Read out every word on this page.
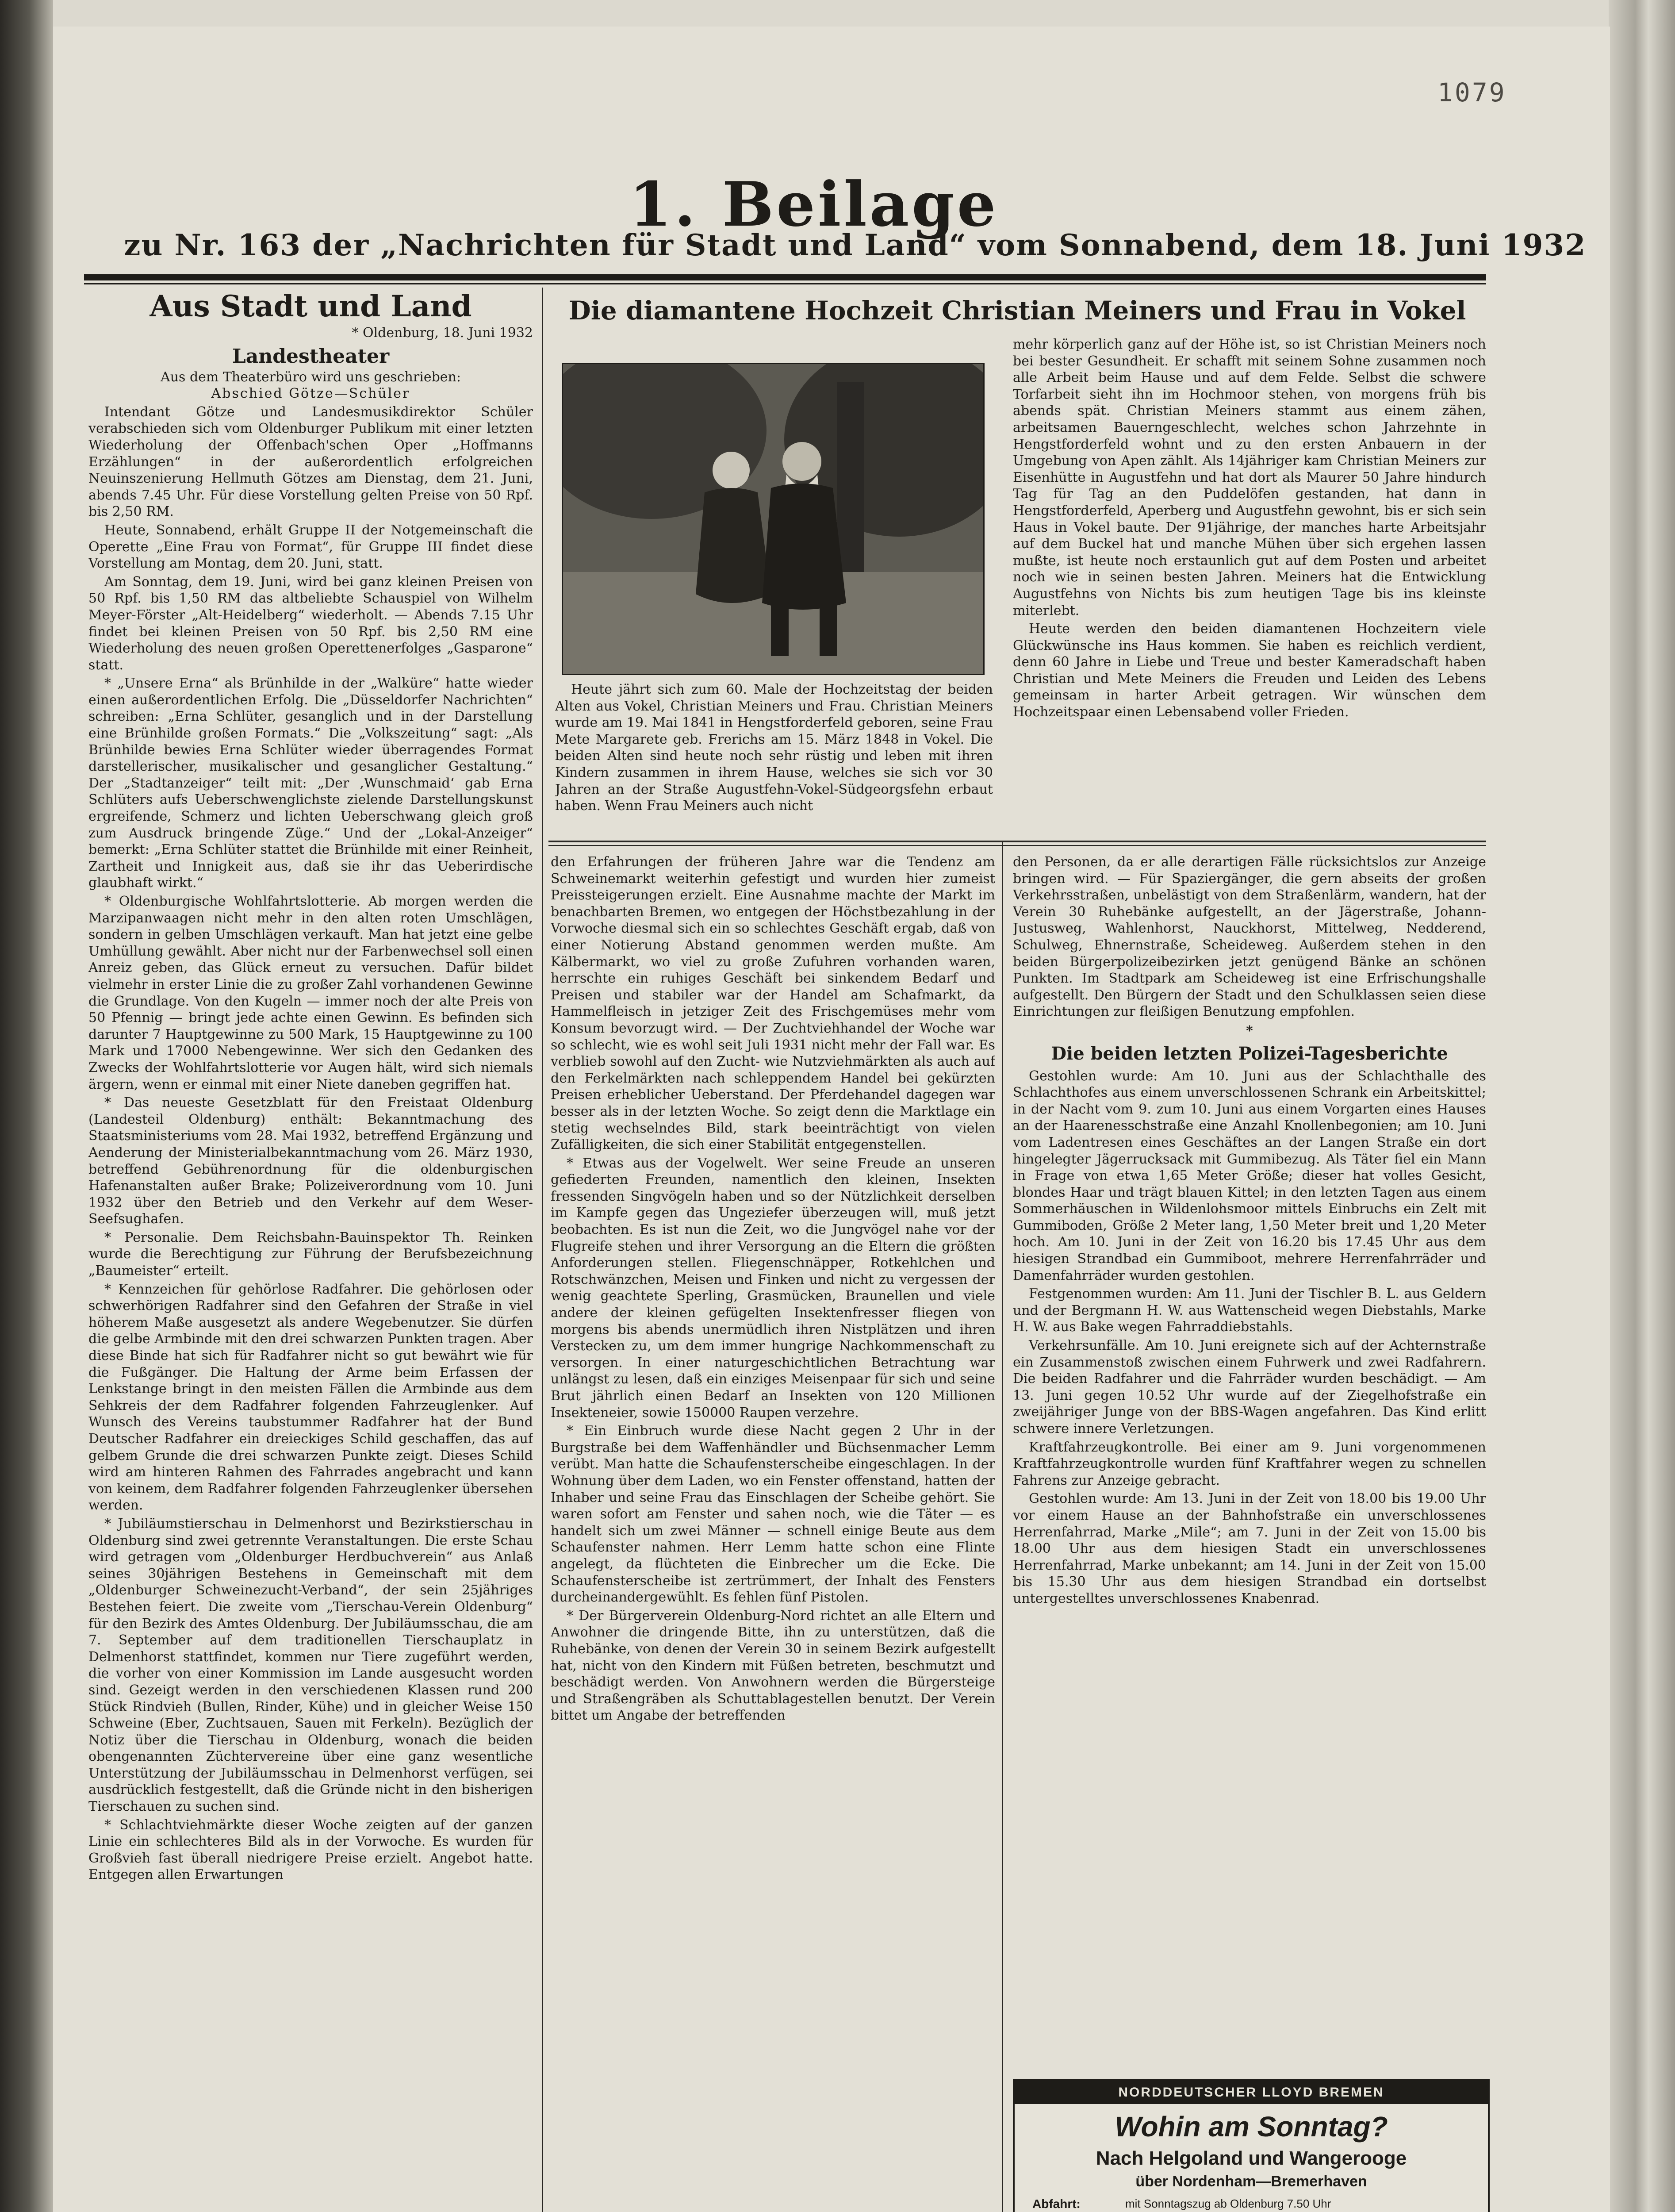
1079
1. Beilage
zu Nr. 163 der „Nachrichten für Stadt und Land“ vom Sonnabend, dem 18. Juni 1932
Aus Stadt und Land
* Oldenburg, 18. Juni 1932
Landestheater
Aus dem Theaterbüro wird uns geschrieben:
Abschied Götze—Schüler

Intendant Götze und Landesmusikdirektor Schüler verabschieden sich vom Oldenburger Publikum mit einer letzten Wiederholung der Offenbach'schen Oper „Hoffmanns Erzählungen“ in der außerordentlich erfolgreichen Neuinszenierung Hellmuth Götzes am Dienstag, dem 21. Juni, abends 7.45 Uhr. Für diese Vorstellung gelten Preise von 50 Rpf. bis 2,50 RM.

Heute, Sonnabend, erhält Gruppe II der Notgemeinschaft die Operette „Eine Frau von Format“, für Gruppe III findet diese Vorstellung am Montag, dem 20. Juni, statt.

Am Sonntag, dem 19. Juni, wird bei ganz kleinen Preisen von 50 Rpf. bis 1,50 RM das altbeliebte Schauspiel von Wilhelm Meyer-Förster „Alt-Heidelberg“ wiederholt. — Abends 7.15 Uhr findet bei kleinen Preisen von 50 Rpf. bis 2,50 RM eine Wiederholung des neuen großen Operettenerfolges „Gasparone“ statt.

* „Unsere Erna“ als Brünhilde in der „Walküre“ hatte wieder einen außerordentlichen Erfolg. Die „Düsseldorfer Nachrichten“ schreiben: „Erna Schlüter, gesanglich und in der Darstellung eine Brünhilde großen Formats.“ Die „Volkszeitung“ sagt: „Als Brünhilde bewies Erna Schlüter wieder überragendes Format darstellerischer, musikalischer und gesanglicher Gestaltung.“ Der „Stadtanzeiger“ teilt mit: „Der ‚Wunschmaid‘ gab Erna Schlüters aufs Ueberschwenglichste zielende Darstellungskunst ergreifende, Schmerz und lichten Ueberschwang gleich groß zum Ausdruck bringende Züge.“ Und der „Lokal-Anzeiger“ bemerkt: „Erna Schlüter stattet die Brünhilde mit einer Reinheit, Zartheit und Innigkeit aus, daß sie ihr das Ueberirdische glaubhaft wirkt.“

* Oldenburgische Wohlfahrtslotterie. Ab morgen werden die Marzipanwaagen nicht mehr in den alten roten Umschlägen, sondern in gelben Umschlägen verkauft. Man hat jetzt eine gelbe Umhüllung gewählt. Aber nicht nur der Farbenwechsel soll einen Anreiz geben, das Glück erneut zu versuchen. Dafür bildet vielmehr in erster Linie die zu großer Zahl vorhandenen Gewinne die Grundlage. Von den Kugeln — immer noch der alte Preis von 50 Pfennig — bringt jede achte einen Gewinn. Es befinden sich darunter 7 Hauptgewinne zu 500 Mark, 15 Hauptgewinne zu 100 Mark und 17000 Nebengewinne. Wer sich den Gedanken des Zwecks der Wohlfahrtslotterie vor Augen hält, wird sich niemals ärgern, wenn er einmal mit einer Niete daneben gegriffen hat.

* Das neueste Gesetzblatt für den Freistaat Oldenburg (Landesteil Oldenburg) enthält: Bekanntmachung des Staatsministeriums vom 28. Mai 1932, betreffend Ergänzung und Aenderung der Ministerialbekanntmachung vom 26. März 1930, betreffend Gebührenordnung für die oldenburgischen Hafenanstalten außer Brake; Polizeiverordnung vom 10. Juni 1932 über den Betrieb und den Verkehr auf dem Weser-Seefsughafen.

* Personalie. Dem Reichsbahn-Bauinspektor Th. Reinken wurde die Berechtigung zur Führung der Berufsbezeichnung „Baumeister“ erteilt.

* Kennzeichen für gehörlose Radfahrer. Die gehörlosen oder schwerhörigen Radfahrer sind den Gefahren der Straße in viel höherem Maße ausgesetzt als andere Wegebenutzer. Sie dürfen die gelbe Armbinde mit den drei schwarzen Punkten tragen. Aber diese Binde hat sich für Radfahrer nicht so gut bewährt wie für die Fußgänger. Die Haltung der Arme beim Erfassen der Lenkstange bringt in den meisten Fällen die Armbinde aus dem Sehkreis der dem Radfahrer folgenden Fahrzeuglenker. Auf Wunsch des Vereins taubstummer Radfahrer hat der Bund Deutscher Radfahrer ein dreieckiges Schild geschaffen, das auf gelbem Grunde die drei schwarzen Punkte zeigt. Dieses Schild wird am hinteren Rahmen des Fahrrades angebracht und kann von keinem, dem Radfahrer folgenden Fahrzeuglenker übersehen werden.

* Jubiläumstierschau in Delmenhorst und Bezirkstierschau in Oldenburg sind zwei getrennte Veranstaltungen. Die erste Schau wird getragen vom „Oldenburger Herdbuchverein“ aus Anlaß seines 30jährigen Bestehens in Gemeinschaft mit dem „Oldenburger Schweinezucht-Verband“, der sein 25jähriges Bestehen feiert. Die zweite vom „Tierschau-Verein Oldenburg“ für den Bezirk des Amtes Oldenburg. Der Jubiläumsschau, die am 7. September auf dem traditionellen Tierschauplatz in Delmenhorst stattfindet, kommen nur Tiere zugeführt werden, die vorher von einer Kommission im Lande ausgesucht worden sind. Gezeigt werden in den verschiedenen Klassen rund 200 Stück Rindvieh (Bullen, Rinder, Kühe) und in gleicher Weise 150 Schweine (Eber, Zuchtsauen, Sauen mit Ferkeln). Bezüglich der Notiz über die Tierschau in Oldenburg, wonach die beiden obengenannten Züchtervereine über eine ganz wesentliche Unterstützung der Jubiläumsschau in Delmenhorst verfügen, sei ausdrücklich festgestellt, daß die Gründe nicht in den bisherigen Tierschauen zu suchen sind.

* Schlachtviehmärkte dieser Woche zeigten auf der ganzen Linie ein schlechteres Bild als in der Vorwoche. Es wurden für Großvieh fast überall niedrigere Preise erzielt. Angebot hatte. Entgegen allen Erwartungen

Die diamantene Hochzeit Christian Meiners und Frau in Vokel

mehr körperlich ganz auf der Höhe ist, so ist Christian Meiners noch bei bester Gesundheit. Er schafft mit seinem Sohne zusammen noch alle Arbeit beim Hause und auf dem Felde. Selbst die schwere Torfarbeit sieht ihn im Hochmoor stehen, von morgens früh bis abends spät. Christian Meiners stammt aus einem zähen, arbeitsamen Bauerngeschlecht, welches schon Jahrzehnte in Hengstforderfeld wohnt und zu den ersten Anbauern in der Umgebung von Apen zählt. Als 14jähriger kam Christian Meiners zur Eisenhütte in Augustfehn und hat dort als Maurer 50 Jahre hindurch Tag für Tag an den Puddelöfen gestanden, hat dann in Hengstforderfeld, Aperberg und Augustfehn gewohnt, bis er sich sein Haus in Vokel baute. Der 91jährige, der manches harte Arbeitsjahr auf dem Buckel hat und manche Mühen über sich ergehen lassen mußte, ist heute noch erstaunlich gut auf dem Posten und arbeitet noch wie in seinen besten Jahren. Meiners hat die Entwicklung Augustfehns von Nichts bis zum heutigen Tage bis ins kleinste miterlebt.

Heute werden den beiden diamantenen Hochzeitern viele Glückwünsche ins Haus kommen. Sie haben es reichlich verdient, denn 60 Jahre in Liebe und Treue und bester Kameradschaft haben Christian und Mete Meiners die Freuden und Leiden des Lebens gemeinsam in harter Arbeit getragen. Wir wünschen dem Hochzeitspaar einen Lebensabend voller Frieden.

Heute jährt sich zum 60. Male der Hochzeitstag der beiden Alten aus Vokel, Christian Meiners und Frau. Christian Meiners wurde am 19. Mai 1841 in Hengstforderfeld geboren, seine Frau Mete Margarete geb. Frerichs am 15. März 1848 in Vokel. Die beiden Alten sind heute noch sehr rüstig und leben mit ihren Kindern zusammen in ihrem Hause, welches sie sich vor 30 Jahren an der Straße Augustfehn-Vokel-Südgeorgsfehn erbaut haben. Wenn Frau Meiners auch nicht

den Erfahrungen der früheren Jahre war die Tendenz am Schweinemarkt weiterhin gefestigt und wurden hier zumeist Preissteigerungen erzielt. Eine Ausnahme machte der Markt im benachbarten Bremen, wo entgegen der Höchstbezahlung in der Vorwoche diesmal sich ein so schlechtes Geschäft ergab, daß von einer Notierung Abstand genommen werden mußte. Am Kälbermarkt, wo viel zu große Zufuhren vorhanden waren, herrschte ein ruhiges Geschäft bei sinkendem Bedarf und Preisen und stabiler war der Handel am Schafmarkt, da Hammelfleisch in jetziger Zeit des Frischgemüses mehr vom Konsum bevorzugt wird. — Der Zuchtviehhandel der Woche war so schlecht, wie es wohl seit Juli 1931 nicht mehr der Fall war. Es verblieb sowohl auf den Zucht- wie Nutzviehmärkten als auch auf den Ferkelmärkten nach schleppendem Handel bei gekürzten Preisen erheblicher Ueberstand. Der Pferdehandel dagegen war besser als in der letzten Woche. So zeigt denn die Marktlage ein stetig wechselndes Bild, stark beeinträchtigt von vielen Zufälligkeiten, die sich einer Stabilität entgegenstellen.

* Etwas aus der Vogelwelt. Wer seine Freude an unseren gefiederten Freunden, namentlich den kleinen, Insekten fressenden Singvögeln haben und so der Nützlichkeit derselben im Kampfe gegen das Ungeziefer überzeugen will, muß jetzt beobachten. Es ist nun die Zeit, wo die Jungvögel nahe vor der Flugreife stehen und ihrer Versorgung an die Eltern die größten Anforderungen stellen. Fliegenschnäpper, Rotkehlchen und Rotschwänzchen, Meisen und Finken und nicht zu vergessen der wenig geachtete Sperling, Grasmücken, Braunellen und viele andere der kleinen gefügelten Insektenfresser fliegen von morgens bis abends unermüdlich ihren Nistplätzen und ihren Verstecken zu, um dem immer hungrige Nachkommenschaft zu versorgen. In einer naturgeschichtlichen Betrachtung war unlängst zu lesen, daß ein einziges Meisenpaar für sich und seine Brut jährlich einen Bedarf an Insekten von 120 Millionen Insekteneier, sowie 150000 Raupen verzehre.

* Ein Einbruch wurde diese Nacht gegen 2 Uhr in der Burgstraße bei dem Waffenhändler und Büchsenmacher Lemm verübt. Man hatte die Schaufensterscheibe eingeschlagen. In der Wohnung über dem Laden, wo ein Fenster offenstand, hatten der Inhaber und seine Frau das Einschlagen der Scheibe gehört. Sie waren sofort am Fenster und sahen noch, wie die Täter — es handelt sich um zwei Männer — schnell einige Beute aus dem Schaufenster nahmen. Herr Lemm hatte schon eine Flinte angelegt, da flüchteten die Einbrecher um die Ecke. Die Schaufensterscheibe ist zertrümmert, der Inhalt des Fensters durcheinandergewühlt. Es fehlen fünf Pistolen.

* Der Bürgerverein Oldenburg-Nord richtet an alle Eltern und Anwohner die dringende Bitte, ihn zu unterstützen, daß die Ruhebänke, von denen der Verein 30 in seinem Bezirk aufgestellt hat, nicht von den Kindern mit Füßen betreten, beschmutzt und beschädigt werden. Von Anwohnern werden die Bürgersteige und Straßengräben als Schuttablagestellen benutzt. Der Verein bittet um Angabe der betreffenden

den Personen, da er alle derartigen Fälle rücksichtslos zur Anzeige bringen wird. — Für Spaziergänger, die gern abseits der großen Verkehrsstraßen, unbelästigt von dem Straßenlärm, wandern, hat der Verein 30 Ruhebänke aufgestellt, an der Jägerstraße, Johann-Justusweg, Wahlenhorst, Nauckhorst, Mittelweg, Nedderend, Schulweg, Ehnernstraße, Scheideweg. Außerdem stehen in den beiden Bürgerpolizeibezirken jetzt genügend Bänke an schönen Punkten. Im Stadtpark am Scheideweg ist eine Erfrischungshalle aufgestellt. Den Bürgern der Stadt und den Schulklassen seien diese Einrichtungen zur fleißigen Benutzung empfohlen.

*
Die beiden letzten Polizei-Tagesberichte

Gestohlen wurde: Am 10. Juni aus der Schlachthalle des Schlachthofes aus einem unverschlossenen Schrank ein Arbeitskittel; in der Nacht vom 9. zum 10. Juni aus einem Vorgarten eines Hauses an der Haarenesschstraße eine Anzahl Knollenbegonien; am 10. Juni vom Ladentresen eines Geschäftes an der Langen Straße ein dort hingelegter Jägerrucksack mit Gummibezug. Als Täter fiel ein Mann in Frage von etwa 1,65 Meter Größe; dieser hat volles Gesicht, blondes Haar und trägt blauen Kittel; in den letzten Tagen aus einem Sommerhäuschen in Wildenlohsmoor mittels Einbruchs ein Zelt mit Gummiboden, Größe 2 Meter lang, 1,50 Meter breit und 1,20 Meter hoch. Am 10. Juni in der Zeit von 16.20 bis 17.45 Uhr aus dem hiesigen Strandbad ein Gummiboot, mehrere Herrenfahrräder und Damenfahrräder wurden gestohlen.

Festgenommen wurden: Am 11. Juni der Tischler B. L. aus Geldern und der Bergmann H. W. aus Wattenscheid wegen Diebstahls, Marke H. W. aus Bake wegen Fahrraddiebstahls.

Verkehrsunfälle. Am 10. Juni ereignete sich auf der Achternstraße ein Zusammenstoß zwischen einem Fuhrwerk und zwei Radfahrern. Die beiden Radfahrer und die Fahrräder wurden beschädigt. — Am 13. Juni gegen 10.52 Uhr wurde auf der Ziegelhofstraße ein zweijähriger Junge von der BBS-Wagen angefahren. Das Kind erlitt schwere innere Verletzungen.

Kraftfahrzeugkontrolle. Bei einer am 9. Juni vorgenommenen Kraftfahrzeugkontrolle wurden fünf Kraftfahrer wegen zu schnellen Fahrens zur Anzeige gebracht.

Gestohlen wurde: Am 13. Juni in der Zeit von 18.00 bis 19.00 Uhr vor einem Hause an der Bahnhofstraße ein unverschlossenes Herrenfahrrad, Marke „Mile“; am 7. Juni in der Zeit von 15.00 bis 18.00 Uhr aus dem hiesigen Stadt ein unverschlossenes Herrenfahrrad, Marke unbekannt; am 14. Juni in der Zeit von 15.00 bis 15.30 Uhr aus dem hiesigen Strandbad ein dortselbst untergestelltes unverschlossenes Knabenrad.

NORDDEUTSCHER LLOYD BREMEN
Wohin am Sonntag?
Nach Helgoland und Wangerooge
über Nordenham—Bremerhaven
Abfahrt:	mit Sonntagszug ab Oldenburg 7.50 Uhr
